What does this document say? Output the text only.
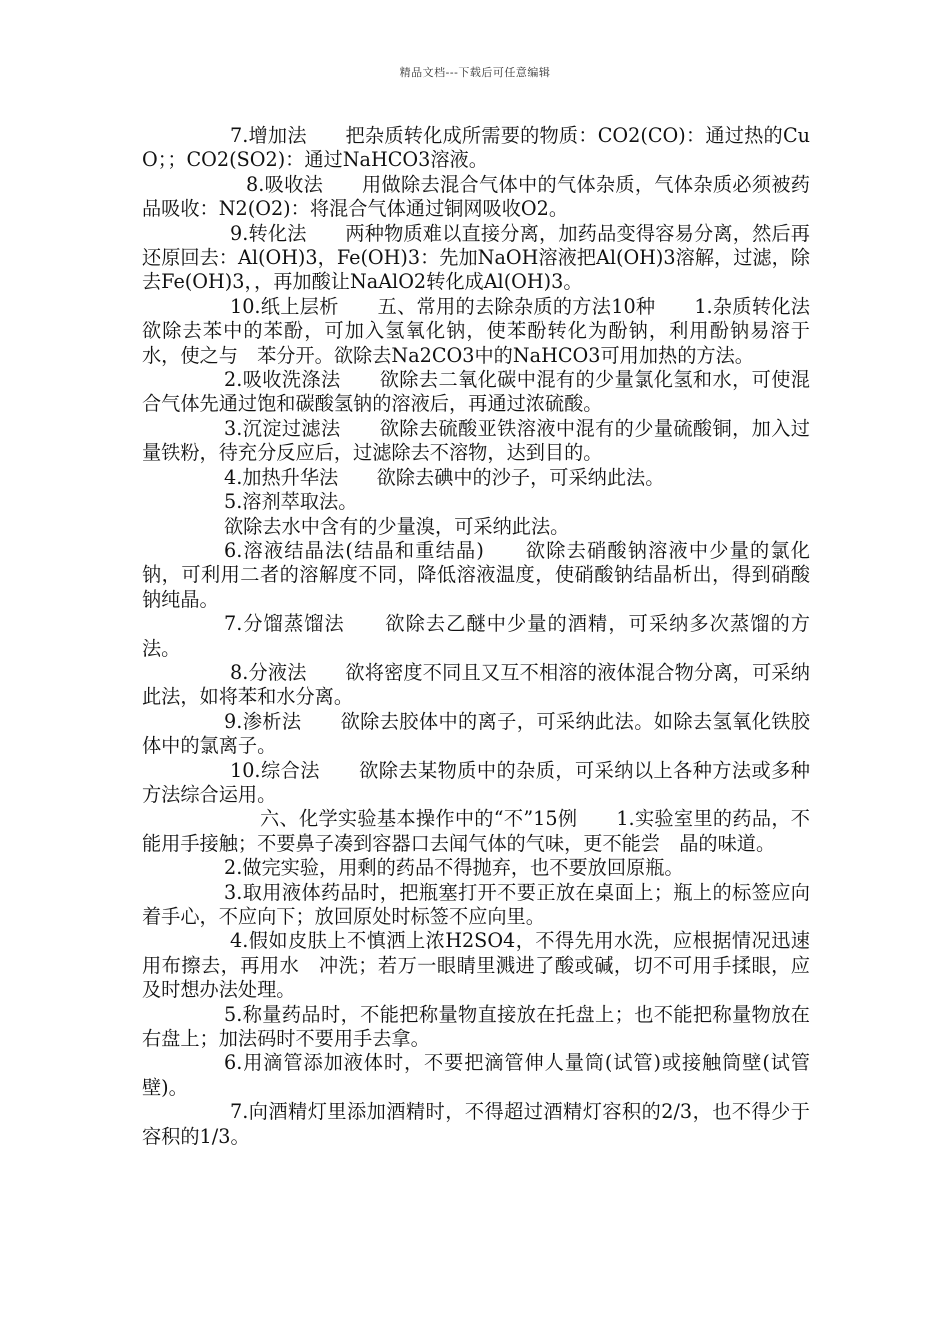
精品文档---下载后可任意编辑

7.增加法　　把杂质转化成所需要的物质：CO2(CO)：通过热的CuO；；CO2(SO2)：通过NaHCO3溶液。

8.吸收法　　用做除去混合气体中的气体杂质，气体杂质必须被药品吸收：N2(O2)：将混合气体通过铜网吸收O2。

9.转化法　　两种物质难以直接分离，加药品变得容易分离，然后再还原回去：Al(OH)3，Fe(OH)3：先加NaOH溶液把Al(OH)3溶解，过滤，除去Fe(OH)3，，再加酸让NaAlO2转化成Al(OH)3。

10.纸上层析　　五、常用的去除杂质的方法10种　　1.杂质转化法　　欲除去苯中的苯酚，可加入氢氧化钠，使苯酚转化为酚钠，利用酚钠易溶于水，使之与　苯分开。欲除去Na2CO3中的NaHCO3可用加热的方法。

2.吸收洗涤法　　欲除去二氧化碳中混有的少量氯化氢和水，可使混合气体先通过饱和碳酸氢钠的溶液后，再通过浓硫酸。

3.沉淀过滤法　　欲除去硫酸亚铁溶液中混有的少量硫酸铜，加入过量铁粉，待充分反应后，过滤除去不溶物，达到目的。

4.加热升华法　　欲除去碘中的沙子，可采纳此法。

5.溶剂萃取法。

欲除去水中含有的少量溴，可采纳此法。

6.溶液结晶法(结晶和重结晶)　　欲除去硝酸钠溶液中少量的氯化钠，可利用二者的溶解度不同，降低溶液温度，使硝酸钠结晶析出，得到硝酸钠纯晶。

7.分馏蒸馏法　　欲除去乙醚中少量的酒精，可采纳多次蒸馏的方法。

8.分液法　　欲将密度不同且又互不相溶的液体混合物分离，可采纳此法，如将苯和水分离。

9.渗析法　　欲除去胶体中的离子，可采纳此法。如除去氢氧化铁胶体中的氯离子。

10.综合法　　欲除去某物质中的杂质，可采纳以上各种方法或多种方法综合运用。

六、化学实验基本操作中的“不”15例　　1.实验室里的药品，不能用手接触；不要鼻子凑到容器口去闻气体的气味，更不能尝　晶的味道。

2.做完实验，用剩的药品不得抛弃，也不要放回原瓶。

3.取用液体药品时，把瓶塞打开不要正放在桌面上；瓶上的标签应向着手心，不应向下；放回原处时标签不应向里。

4.假如皮肤上不慎洒上浓H2SO4，不得先用水洗，应根据情况迅速用布擦去，再用水　冲洗；若万一眼睛里溅进了酸或碱，切不可用手揉眼，应及时想办法处理。

5.称量药品时，不能把称量物直接放在托盘上；也不能把称量物放在右盘上；加法码时不要用手去拿。

6.用滴管添加液体时，不要把滴管伸人量筒(试管)或接触筒壁(试管壁)。

7.向酒精灯里添加酒精时，不得超过酒精灯容积的2/3，也不得少于容积的1/3。
